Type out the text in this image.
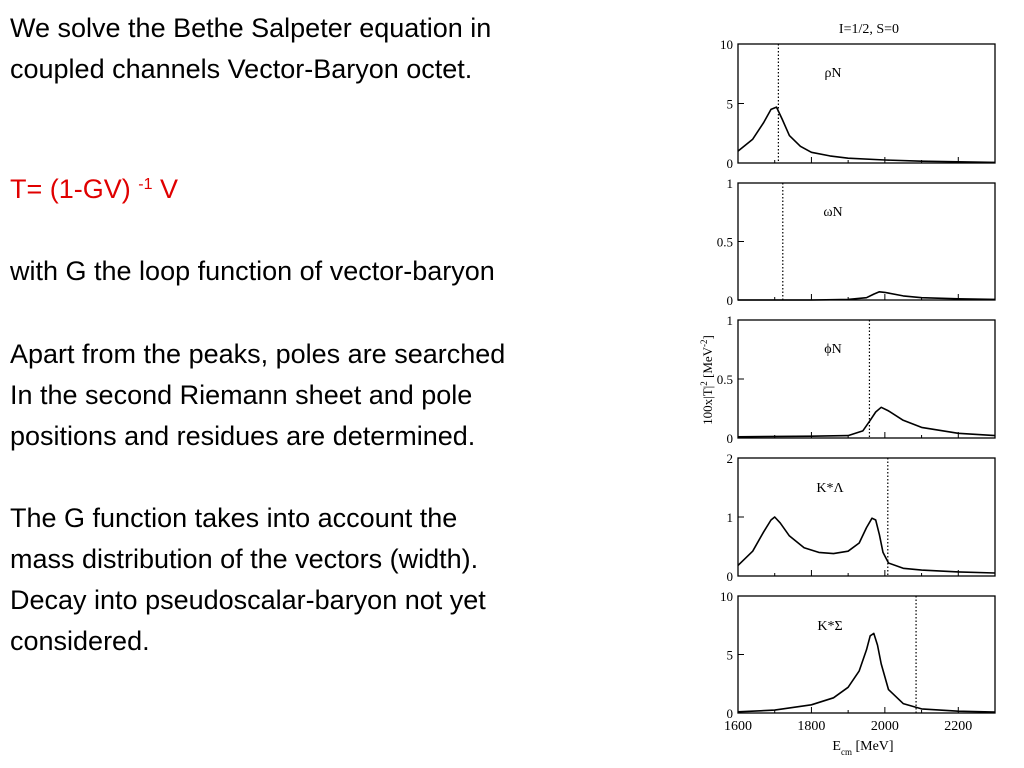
We solve the Bethe Salpeter equation in
coupled channels Vector-Baryon octet.
T= (1-GV) $^{-1}$ V
with G the loop function of vector-baryon
Apart from the peaks, poles are searched
In the second Riemann sheet and pole
positions and residues are determined.
The G function takes into account the
mass distribution of the vectors (width).
Decay into pseudoscalar-baryon not yet
considered.
I=1/2, S=0
$100x|T|^2$ [MeV$^{-2}$]
$E_{cm}$ [MeV]
10
5
0
ρN
1
0.5
0
ωN
1
0.5
0
ϕN
2
1
0
K*Λ
10
5
0
K*Σ
1600	1800	2000	2200
